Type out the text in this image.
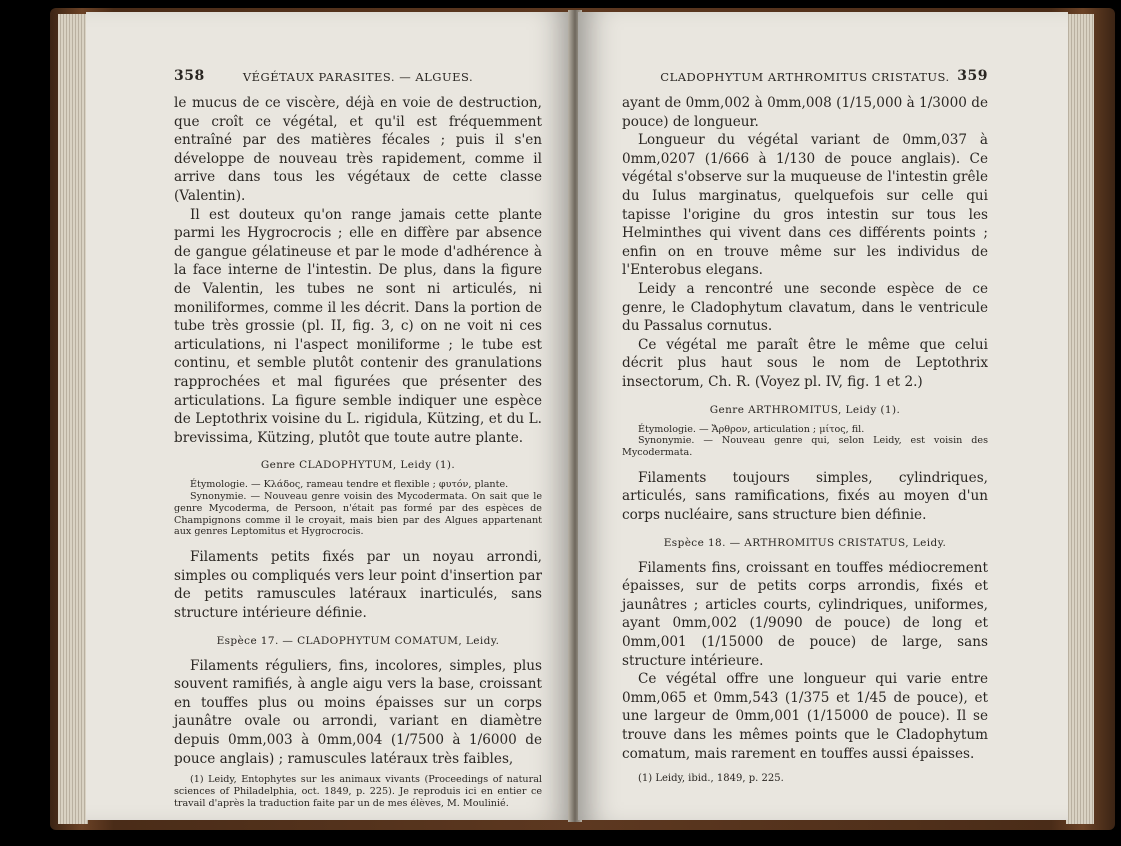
358	VÉGÉTAUX PARASITES. — ALGUES.

le mucus de ce viscère, déjà en voie de destruction, que croît ce végétal, et qu'il est fréquemment entraîné par des matières fécales ; puis il s'en développe de nouveau très rapidement, comme il arrive dans tous les végétaux de cette classe (Valentin).

Il est douteux qu'on range jamais cette plante parmi les Hygrocrocis ; elle en diffère par absence de gangue gélatineuse et par le mode d'adhérence à la face interne de l'intestin. De plus, dans la figure de Valentin, les tubes ne sont ni articulés, ni moniliformes, comme il les décrit. Dans la portion de tube très grossie (pl. II, fig. 3, c) on ne voit ni ces articulations, ni l'aspect moniliforme ; le tube est continu, et semble plutôt contenir des granulations rapprochées et mal figurées que présenter des articulations. La figure semble indiquer une espèce de Leptothrix voisine du L. rigidula, Kützing, et du L. brevissima, Kützing, plutôt que toute autre plante.

Genre CLADOPHYTUM, Leidy (1).

Étymologie. — Κλάδος, rameau tendre et flexible ; φυτόν, plante.

Synonymie. — Nouveau genre voisin des Mycodermata. On sait que le genre Mycoderma, de Persoon, n'était pas formé par des espèces de Champignons comme il le croyait, mais bien par des Algues appartenant aux genres Leptomitus et Hygrocrocis.

Filaments petits fixés par un noyau arrondi, simples ou compliqués vers leur point d'insertion par de petits ramuscules latéraux inarticulés, sans structure intérieure définie.

Espèce 17. — CLADOPHYTUM COMATUM, Leidy.

Filaments réguliers, fins, incolores, simples, plus souvent ramifiés, à angle aigu vers la base, croissant en touffes plus ou moins épaisses sur un corps jaunâtre ovale ou arrondi, variant en diamètre depuis 0mm,003 à 0mm,004 (1/7500 à 1/6000 de pouce anglais) ; ramuscules latéraux très faibles,

(1) Leidy, Entophytes sur les animaux vivants (Proceedings of natural sciences of Philadelphia, oct. 1849, p. 225). Je reproduis ici en entier ce travail d'après la traduction faite par un de mes élèves, M. Moulinié.

CLADOPHYTUM ARTHROMITUS CRISTATUS. 359

ayant de 0mm,002 à 0mm,008 (1/15,000 à 1/3000 de pouce) de longueur.

Longueur du végétal variant de 0mm,037 à 0mm,0207 (1/666 à 1/130 de pouce anglais). Ce végétal s'observe sur la muqueuse de l'intestin grêle du Iulus marginatus, quelquefois sur celle qui tapisse l'origine du gros intestin sur tous les Helminthes qui vivent dans ces différents points ; enfin on en trouve même sur les individus de l'Enterobus elegans.

Leidy a rencontré une seconde espèce de ce genre, le Cladophytum clavatum, dans le ventricule du Passalus cornutus.

Ce végétal me paraît être le même que celui décrit plus haut sous le nom de Leptothrix insectorum, Ch. R. (Voyez pl. IV, fig. 1 et 2.)

Genre ARTHROMITUS, Leidy (1).

Étymologie. — Ἄρθρον, articulation ; μίτος, fil.

Synonymie. — Nouveau genre qui, selon Leidy, est voisin des Mycodermata.

Filaments toujours simples, cylindriques, articulés, sans ramifications, fixés au moyen d'un corps nucléaire, sans structure bien définie.

Espèce 18. — ARTHROMITUS CRISTATUS, Leidy.

Filaments fins, croissant en touffes médiocrement épaisses, sur de petits corps arrondis, fixés et jaunâtres ; articles courts, cylindriques, uniformes, ayant 0mm,002 (1/9090 de pouce) de long et 0mm,001 (1/15000 de pouce) de large, sans structure intérieure.

Ce végétal offre une longueur qui varie entre 0mm,065 et 0mm,543 (1/375 et 1/45 de pouce), et une largeur de 0mm,001 (1/15000 de pouce). Il se trouve dans les mêmes points que le Cladophytum comatum, mais rarement en touffes aussi épaisses.

(1) Leidy, ibid., 1849, p. 225.
